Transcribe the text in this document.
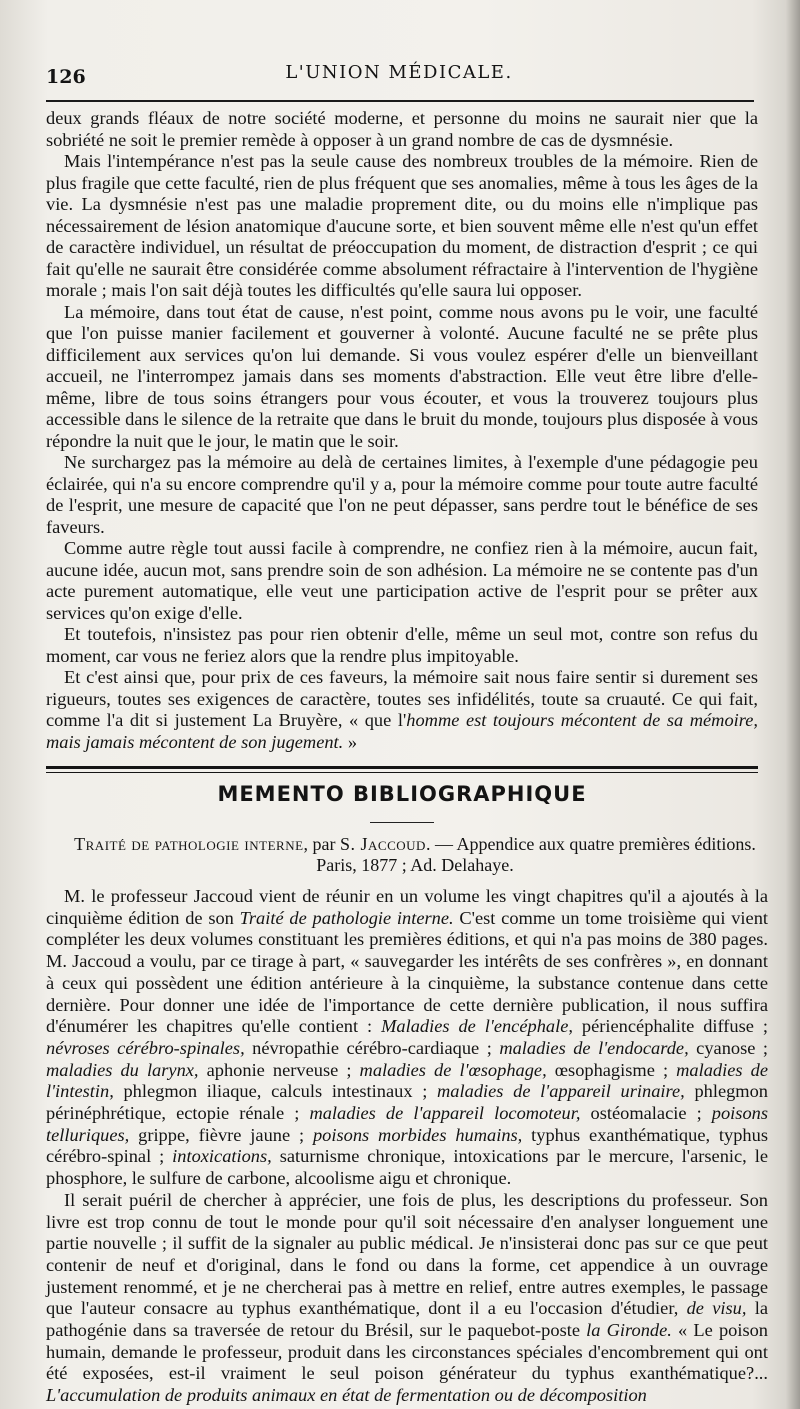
126	L'UNION MÉDICALE.

deux grands fléaux de notre société moderne, et personne du moins ne saurait nier que la sobriété ne soit le premier remède à opposer à un grand nombre de cas de dysmnésie.

Mais l'intempérance n'est pas la seule cause des nombreux troubles de la mémoire. Rien de plus fragile que cette faculté, rien de plus fréquent que ses anomalies, même à tous les âges de la vie. La dysmnésie n'est pas une maladie proprement dite, ou du moins elle n'implique pas nécessairement de lésion anatomique d'aucune sorte, et bien souvent même elle n'est qu'un effet de caractère individuel, un résultat de préoccupation du moment, de distraction d'esprit ; ce qui fait qu'elle ne saurait être considérée comme absolument réfractaire à l'intervention de l'hygiène morale ; mais l'on sait déjà toutes les difficultés qu'elle saura lui opposer.

La mémoire, dans tout état de cause, n'est point, comme nous avons pu le voir, une faculté que l'on puisse manier facilement et gouverner à volonté. Aucune faculté ne se prête plus difficilement aux services qu'on lui demande. Si vous voulez espérer d'elle un bienveillant accueil, ne l'interrompez jamais dans ses moments d'abstraction. Elle veut être libre d'elle-même, libre de tous soins étrangers pour vous écouter, et vous la trouverez toujours plus accessible dans le silence de la retraite que dans le bruit du monde, toujours plus disposée à vous répondre la nuit que le jour, le matin que le soir.

Ne surchargez pas la mémoire au delà de certaines limites, à l'exemple d'une pédagogie peu éclairée, qui n'a su encore comprendre qu'il y a, pour la mémoire comme pour toute autre faculté de l'esprit, une mesure de capacité que l'on ne peut dépasser, sans perdre tout le bénéfice de ses faveurs.

Comme autre règle tout aussi facile à comprendre, ne confiez rien à la mémoire, aucun fait, aucune idée, aucun mot, sans prendre soin de son adhésion. La mémoire ne se contente pas d'un acte purement automatique, elle veut une participation active de l'esprit pour se prêter aux services qu'on exige d'elle.

Et toutefois, n'insistez pas pour rien obtenir d'elle, même un seul mot, contre son refus du moment, car vous ne feriez alors que la rendre plus impitoyable.

Et c'est ainsi que, pour prix de ces faveurs, la mémoire sait nous faire sentir si durement ses rigueurs, toutes ses exigences de caractère, toutes ses infidélités, toute sa cruauté. Ce qui fait, comme l'a dit si justement La Bruyère, « que l'homme est toujours mécontent de sa mémoire, mais jamais mécontent de son jugement. »

MEMENTO BIBLIOGRAPHIQUE
Traité de pathologie interne, par S. Jaccoud. — Appendice aux quatre premières éditions. Paris, 1877 ; Ad. Delahaye.

M. le professeur Jaccoud vient de réunir en un volume les vingt chapitres qu'il a ajoutés à la cinquième édition de son Traité de pathologie interne. C'est comme un tome troisième qui vient compléter les deux volumes constituant les premières éditions, et qui n'a pas moins de 380 pages. M. Jaccoud a voulu, par ce tirage à part, « sauvegarder les intérêts de ses confrères », en donnant à ceux qui possèdent une édition antérieure à la cinquième, la substance contenue dans cette dernière. Pour donner une idée de l'importance de cette dernière publication, il nous suffira d'énumérer les chapitres qu'elle contient : Maladies de l'encéphale, périencéphalite diffuse ; névroses cérébro-spinales, névropathie cérébro-cardiaque ; maladies de l'endocarde, cyanose ; maladies du larynx, aphonie nerveuse ; maladies de l'œsophage, œsophagisme ; maladies de l'intestin, phlegmon iliaque, calculs intestinaux ; maladies de l'appareil urinaire, phlegmon périnéphrétique, ectopie rénale ; maladies de l'appareil locomoteur, ostéomalacie ; poisons telluriques, grippe, fièvre jaune ; poisons morbides humains, typhus exanthématique, typhus cérébro-spinal ; intoxications, saturnisme chronique, intoxications par le mercure, l'arsenic, le phosphore, le sulfure de carbone, alcoolisme aigu et chronique.

Il serait puéril de chercher à apprécier, une fois de plus, les descriptions du professeur. Son livre est trop connu de tout le monde pour qu'il soit nécessaire d'en analyser longuement une partie nouvelle ; il suffit de la signaler au public médical. Je n'insisterai donc pas sur ce que peut contenir de neuf et d'original, dans le fond ou dans la forme, cet appendice à un ouvrage justement renommé, et je ne chercherai pas à mettre en relief, entre autres exemples, le passage que l'auteur consacre au typhus exanthématique, dont il a eu l'occasion d'étudier, de visu, la pathogénie dans sa traversée de retour du Brésil, sur le paquebot-poste la Gironde. « Le poison humain, demande le professeur, produit dans les circonstances spéciales d'encombrement qui ont été exposées, est-il vraiment le seul poison générateur du typhus exanthématique?... L'accumulation de produits animaux en état de fermentation ou de décomposition
